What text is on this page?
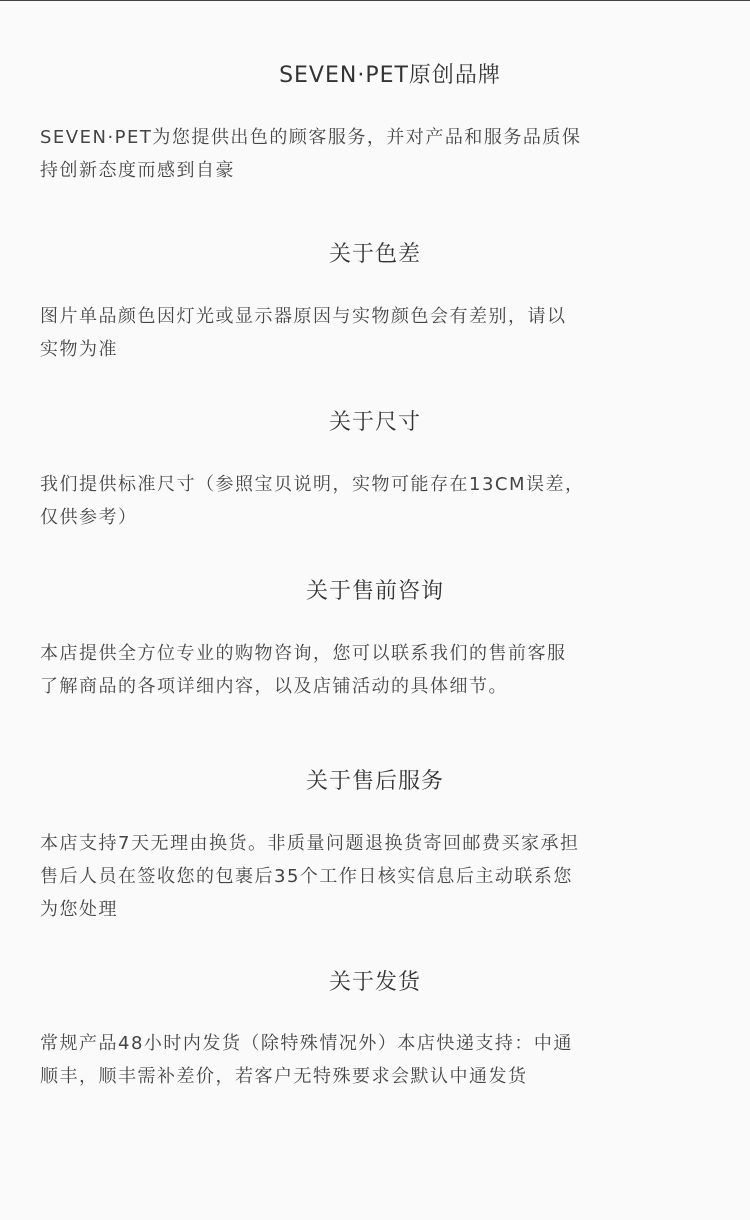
SEVEN·PET原创品牌

SEVEN·PET为您提供出色的顾客服务，并对产品和服务品质保
持创新态度而感到自豪

关于色差

图片单品颜色因灯光或显示器原因与实物颜色会有差别，请以
实物为准

关于尺寸

我们提供标准尺寸（参照宝贝说明，实物可能存在13CM误差，
仅供参考）

关于售前咨询

本店提供全方位专业的购物咨询，您可以联系我们的售前客服
了解商品的各项详细内容，以及店铺活动的具体细节。

关于售后服务

本店支持7天无理由换货。非质量问题退换货寄回邮费买家承担
售后人员在签收您的包裹后35个工作日核实信息后主动联系您
为您处理

关于发货

常规产品48小时内发货（除特殊情况外）本店快递支持：中通
顺丰，顺丰需补差价，若客户无特殊要求会默认中通发货
